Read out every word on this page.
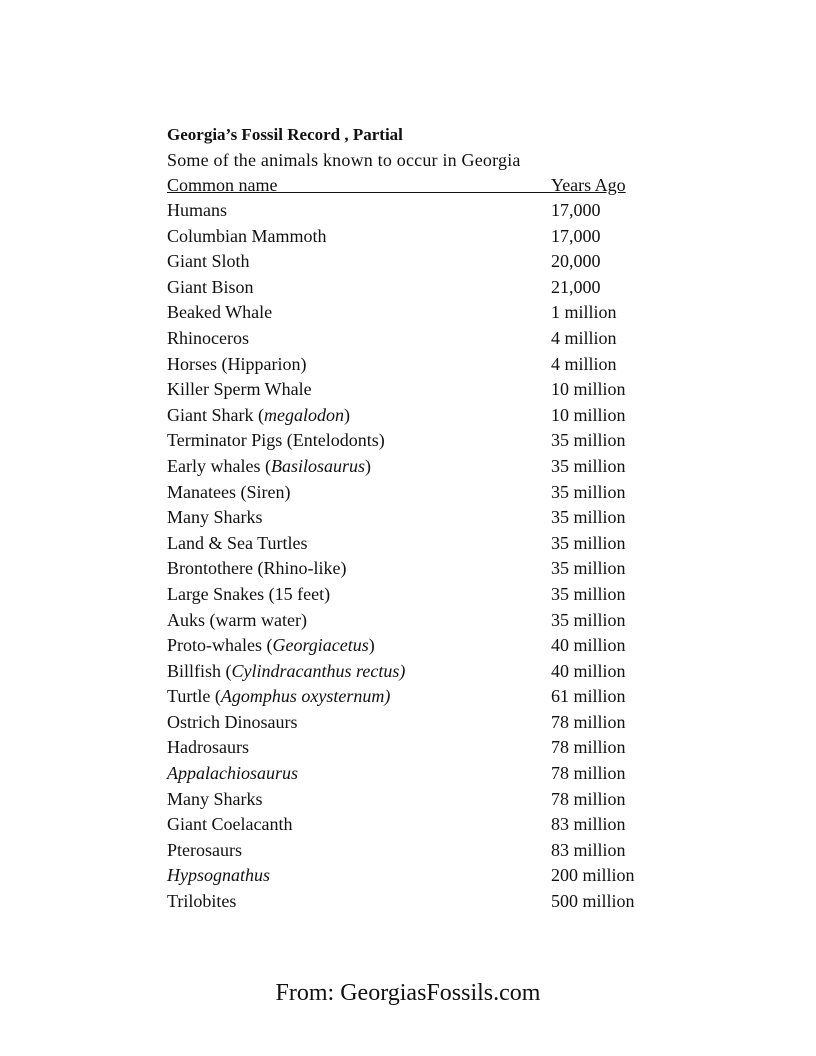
Georgia’s Fossil Record , Partial
Some of the animals known to occur in Georgia
Common name	Years Ago
Humans	17,000
Columbian Mammoth	17,000
Giant Sloth	20,000
Giant Bison	21,000
Beaked Whale	1 million
Rhinoceros	4 million
Horses (Hipparion)	4 million
Killer Sperm Whale	10 million
Giant Shark (megalodon)	10 million
Terminator Pigs (Entelodonts)	35 million
Early whales (Basilosaurus)	35 million
Manatees (Siren)	35 million
Many Sharks	35 million
Land & Sea Turtles	35 million
Brontothere (Rhino-like)	35 million
Large Snakes (15 feet)	35 million
Auks (warm water)	35 million
Proto-whales (Georgiacetus)	40 million
Billfish (Cylindracanthus rectus)	40 million
Turtle (Agomphus oxysternum)	61 million
Ostrich Dinosaurs	78 million
Hadrosaurs	78 million
Appalachiosaurus	78 million
Many Sharks	78 million
Giant Coelacanth	83 million
Pterosaurs	83 million
Hypsognathus	200 million
Trilobites	500 million
From: GeorgiasFossils.com
